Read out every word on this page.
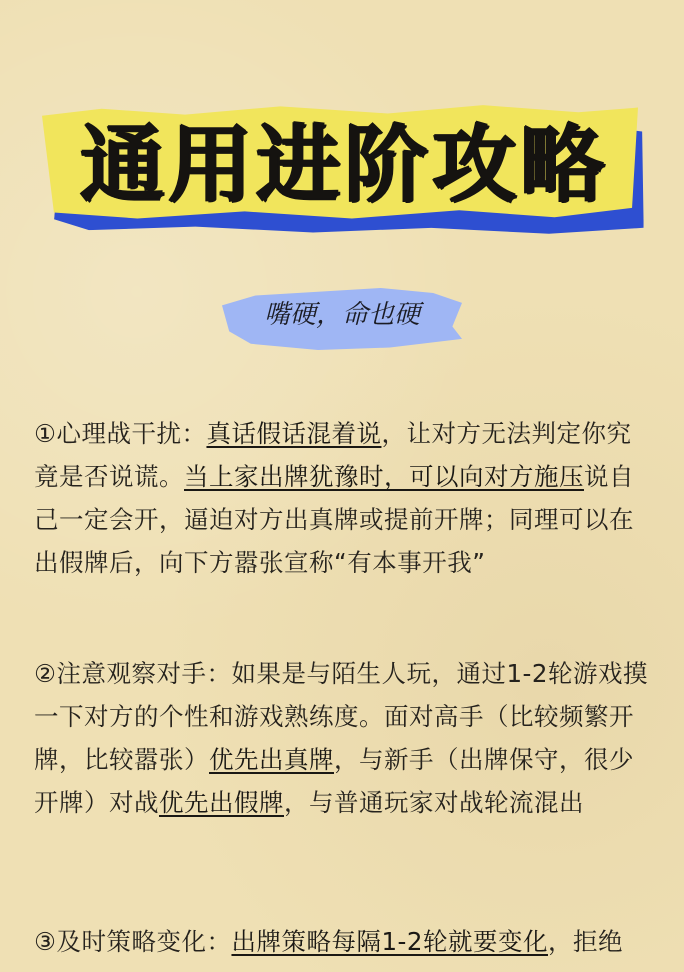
通用进阶攻略
嘴硬，命也硬
①心理战干扰：真话假话混着说，让对方无法判定你究竟是否说谎。当上家出牌犹豫时，可以向对方施压说自己一定会开，逼迫对方出真牌或提前开牌；同理可以在出假牌后，向下方嚣张宣称“有本事开我”
②注意观察对手：如果是与陌生人玩，通过1-2轮游戏摸一下对方的个性和游戏熟练度。面对高手（比较频繁开牌，比较嚣张）优先出真牌，与新手（出牌保守，很少开牌）对战优先出假牌，与普通玩家对战轮流混出
③及时策略变化：出牌策略每隔1-2轮就要变化，拒绝
